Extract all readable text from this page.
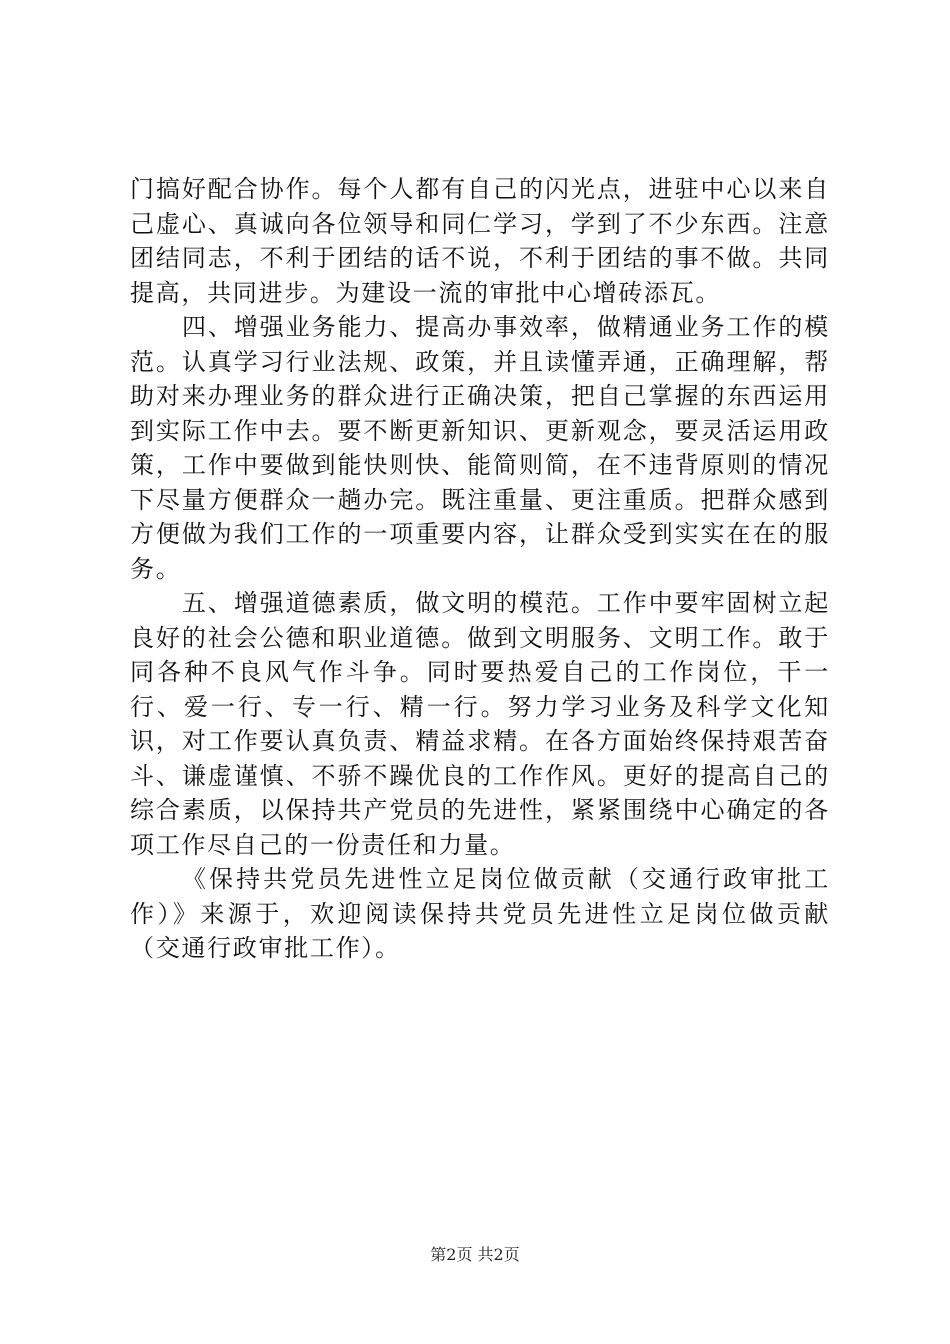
门搞好配合协作。每个人都有自己的闪光点，进驻中心以来自己虚心、真诚向各位领导和同仁学习，学到了不少东西。注意团结同志，不利于团结的话不说，不利于团结的事不做。共同提高，共同进步。为建设一流的审批中心增砖添瓦。

四、增强业务能力、提高办事效率，做精通业务工作的模范。认真学习行业法规、政策，并且读懂弄通，正确理解，帮助对来办理业务的群众进行正确决策，把自己掌握的东西运用到实际工作中去。要不断更新知识、更新观念，要灵活运用政策，工作中要做到能快则快、能简则简，在不违背原则的情况下尽量方便群众一趟办完。既注重量、更注重质。把群众感到方便做为我们工作的一项重要内容，让群众受到实实在在的服务。

五、增强道德素质，做文明的模范。工作中要牢固树立起良好的社会公德和职业道德。做到文明服务、文明工作。敢于同各种不良风气作斗争。同时要热爱自己的工作岗位，干一行、爱一行、专一行、精一行。努力学习业务及科学文化知识，对工作要认真负责、精益求精。在各方面始终保持艰苦奋斗、谦虚谨慎、不骄不躁优良的工作作风。更好的提高自己的综合素质，以保持共产党员的先进性，紧紧围绕中心确定的各项工作尽自己的一份责任和力量。

《保持共党员先进性立足岗位做贡献（交通行政审批工作）》来源于，欢迎阅读保持共党员先进性立足岗位做贡献（交通行政审批工作）。

第2页 共2页
